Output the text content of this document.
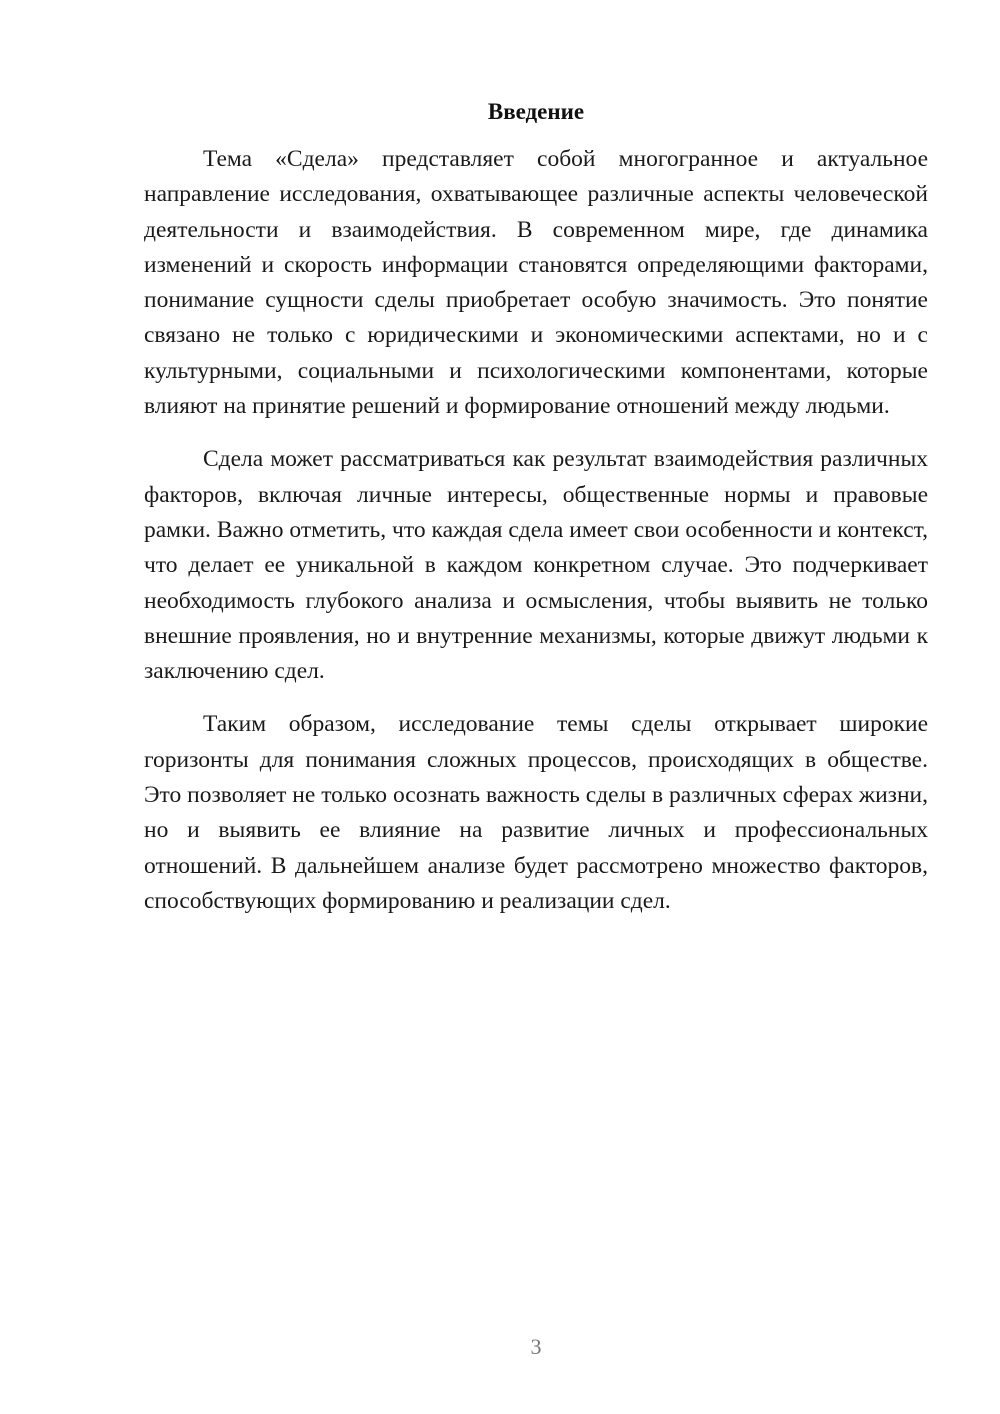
Введение

Тема «Сдела» представляет собой многогранное и актуальное направление исследования, охватывающее различные аспекты человеческой деятельности и взаимодействия. В современном мире, где динамика изменений и скорость информации становятся определяющими факторами, понимание сущности сделы приобретает особую значимость. Это понятие связано не только с юридическими и экономическими аспектами, но и с культурными, социальными и психологическими компонентами, которые влияют на принятие решений и формирование отношений между людьми.

Сдела может рассматриваться как результат взаимодействия различных факторов, включая личные интересы, общественные нормы и правовые рамки. Важно отметить, что каждая сдела имеет свои особенности и контекст, что делает ее уникальной в каждом конкретном случае. Это подчеркивает необходимость глубокого анализа и осмысления, чтобы выявить не только внешние проявления, но и внутренние механизмы, которые движут людьми к заключению сдел.

Таким образом, исследование темы сделы открывает широкие горизонты для понимания сложных процессов, происходящих в обществе. Это позволяет не только осознать важность сделы в различных сферах жизни, но и выявить ее влияние на развитие личных и профессиональных отношений. В дальнейшем анализе будет рассмотрено множество факторов, способствующих формированию и реализации сдел.

3
